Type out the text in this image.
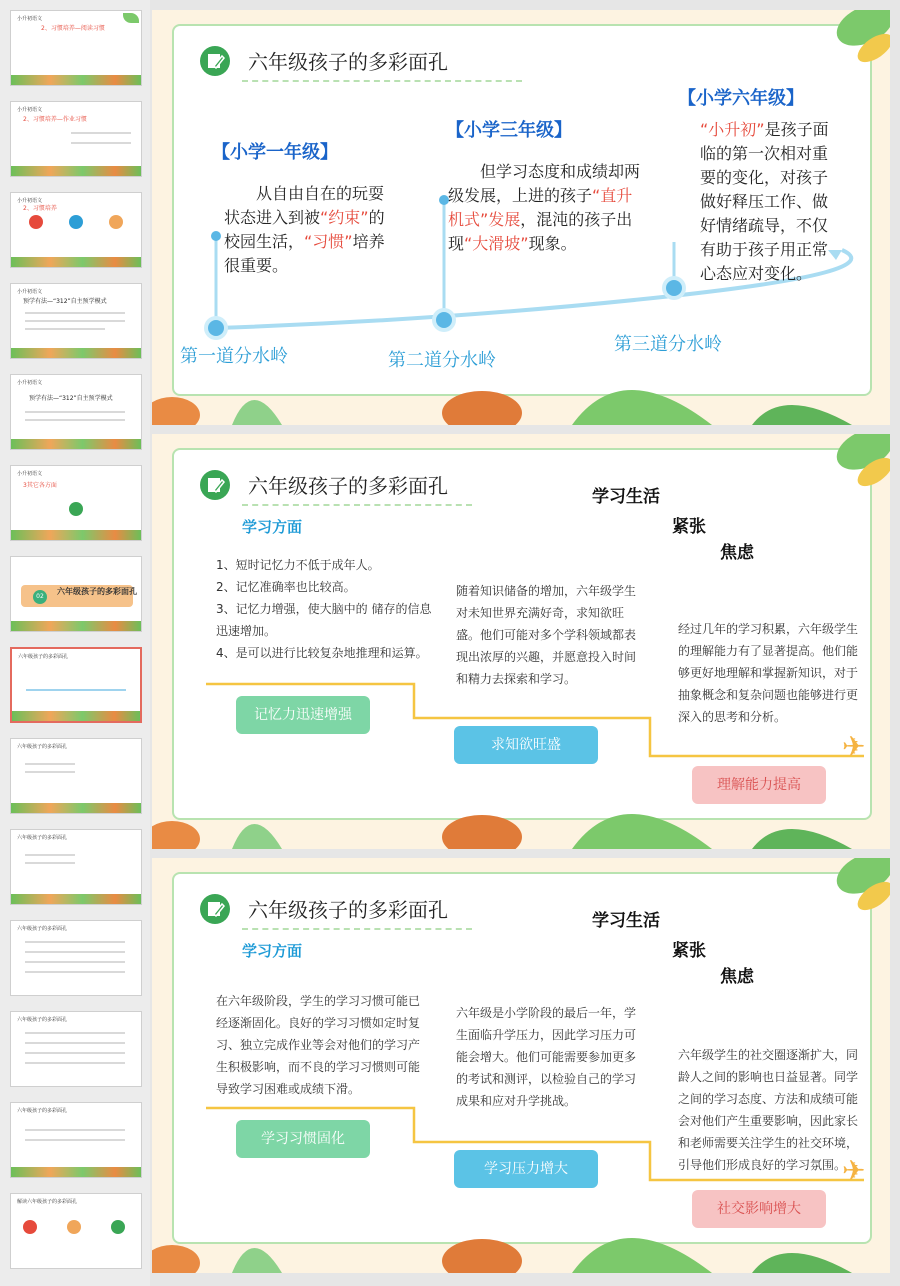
小升初语文
2、习惯培养—阅读习惯
小升初语文
2、习惯培养—作业习惯
小升初语文
2、习惯培养
小升初语文
预学有法—“312”自主预学模式
小升初语文
预学有法—“312”自主预学模式
小升初语文
3其它各方面
02
六年级孩子的多彩面孔
六年级孩子的多彩面孔
六年级孩子的多彩面孔
六年级孩子的多彩面孔
六年级孩子的多彩面孔
六年级孩子的多彩面孔
六年级孩子的多彩面孔
解读六年级孩子的多彩面孔
六年级孩子的多彩面孔
【小学一年级】
从自由自在的玩耍状态进入到被“约束”的校园生活，“习惯”培养很重要。
【小学三年级】
但学习态度和成绩却两级发展，上进的孩子“直升机式”发展，混沌的孩子出现“大滑坡”现象。
【小学六年级】
“小升初”是孩子面临的第一次相对重要的变化，对孩子做好释压工作、做好情绪疏导，不仅有助于孩子用正常心态应对变化。
第一道分水岭	第二道分水岭
第三道分水岭
六年级孩子的多彩面孔
学习方面
学习生活
紧张
焦虑
1、短时记忆力不低于成年人。
2、记忆准确率也比较高。
3、记忆力增强，使大脑中的 储存的信息迅速增加。
4、是可以进行比较复杂地推理和运算。
随着知识储备的增加，六年级学生对未知世界充满好奇，求知欲旺盛。他们可能对多个学科领域都表现出浓厚的兴趣，并愿意投入时间和精力去探索和学习。
经过几年的学习积累，六年级学生的理解能力有了显著提高。他们能够更好地理解和掌握新知识，对于抽象概念和复杂问题也能够进行更深入的思考和分析。
记忆力迅速增强
求知欲旺盛
理解能力提高
✈
六年级孩子的多彩面孔
学习方面
学习生活
紧张
焦虑
在六年级阶段，学生的学习习惯可能已经逐渐固化。良好的学习习惯如定时复习、独立完成作业等会对他们的学习产生积极影响，而不良的学习习惯则可能导致学习困难或成绩下滑。
六年级是小学阶段的最后一年，学生面临升学压力，因此学习压力可能会增大。他们可能需要参加更多的考试和测评，以检验自己的学习成果和应对升学挑战。
六年级学生的社交圈逐渐扩大，同龄人之间的影响也日益显著。同学之间的学习态度、方法和成绩可能会对他们产生重要影响，因此家长和老师需要关注学生的社交环境，引导他们形成良好的学习氛围。
学习习惯固化
学习压力增大
社交影响增大
✈
